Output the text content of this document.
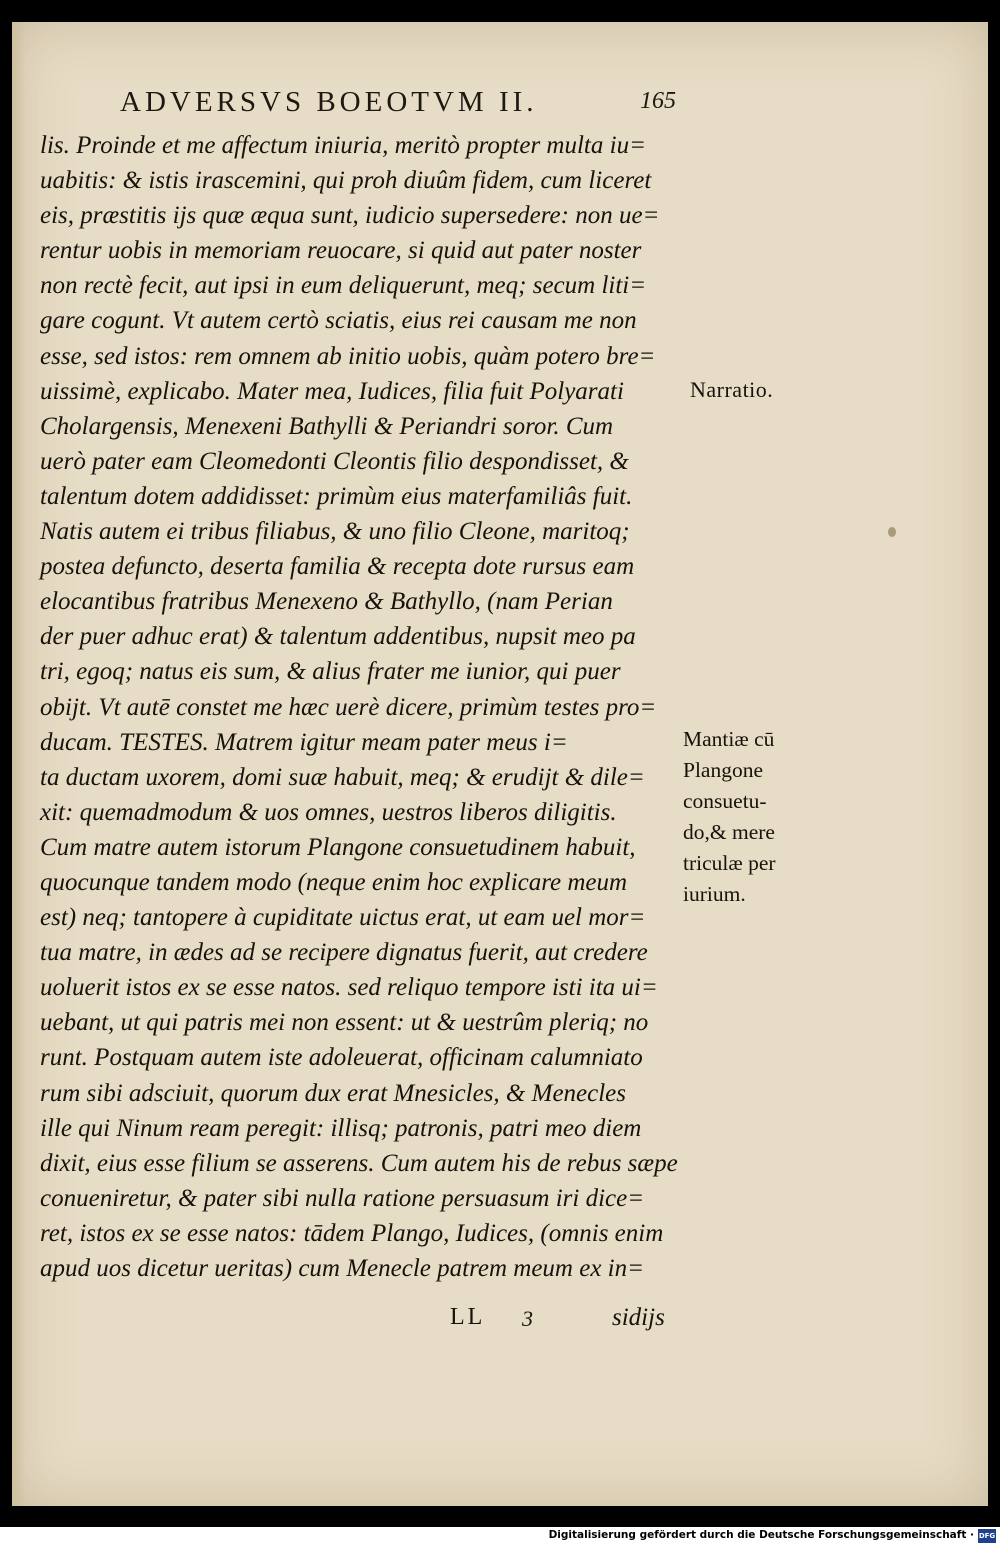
ADVERSVS BOEOTVM II.	165
lis. Proinde et me affectum iniuria, meritò propter multa iu=
uabitis: & istis irascemini, qui proh diuûm fidem, cum liceret
eis, præstitis ijs quæ æqua sunt, iudicio supersedere: non ue=
rentur uobis in memoriam reuocare, si quid aut pater noster
non rectè fecit, aut ipsi in eum deliquerunt, meq; secum liti=
gare cogunt. Vt autem certò sciatis, eius rei causam me non
esse, sed istos: rem omnem ab initio uobis, quàm potero bre=
uissimè, explicabo. Mater mea, Iudices, filia fuit Polyarati
Cholargensis, Menexeni Bathylli & Periandri soror. Cum
uerò pater eam Cleomedonti Cleontis filio despondisset, &
talentum dotem addidisset: primùm eius materfamiliâs fuit.
Natis autem ei tribus filiabus, & uno filio Cleone, maritoq;
postea defuncto, deserta familia & recepta dote rursus eam
elocantibus fratribus Menexeno & Bathyllo, (nam Perian
der puer adhuc erat) & talentum addentibus, nupsit meo pa
tri, egoq; natus eis sum, & alius frater me iunior, qui puer
obijt. Vt autē constet me hæc uerè dicere, primùm testes pro=
ducam. TESTES. Matrem igitur meam pater meus i=
ta ductam uxorem, domi suæ habuit, meq; & erudijt & dile=
xit: quemadmodum & uos omnes, uestros liberos diligitis.
Cum matre autem istorum Plangone consuetudinem habuit,
quocunque tandem modo (neque enim hoc explicare meum
est) neq; tantopere à cupiditate uictus erat, ut eam uel mor=
tua matre, in ædes ad se recipere dignatus fuerit, aut credere
uoluerit istos ex se esse natos. sed reliquo tempore isti ita ui=
uebant, ut qui patris mei non essent: ut & uestrûm pleriq; no
runt. Postquam autem iste adoleuerat, officinam calumniato
rum sibi adsciuit, quorum dux erat Mnesicles, & Menecles
ille qui Ninum ream peregit: illisq; patronis, patri meo diem
dixit, eius esse filium se asserens. Cum autem his de rebus sæpe
conueniretur, & pater sibi nulla ratione persuasum iri dice=
ret, istos ex se esse natos: tādem Plango, Iudices, (omnis enim
apud uos dicetur ueritas) cum Menecle patrem meum ex in=
Narratio.
Mantiæ cū
Plangone
consuetu-
do,& mere
triculæ per
iurium.
LL 3	sidijs
Digitalisierung gefördert durch die Deutsche Forschungsgemeinschaft · DFG
